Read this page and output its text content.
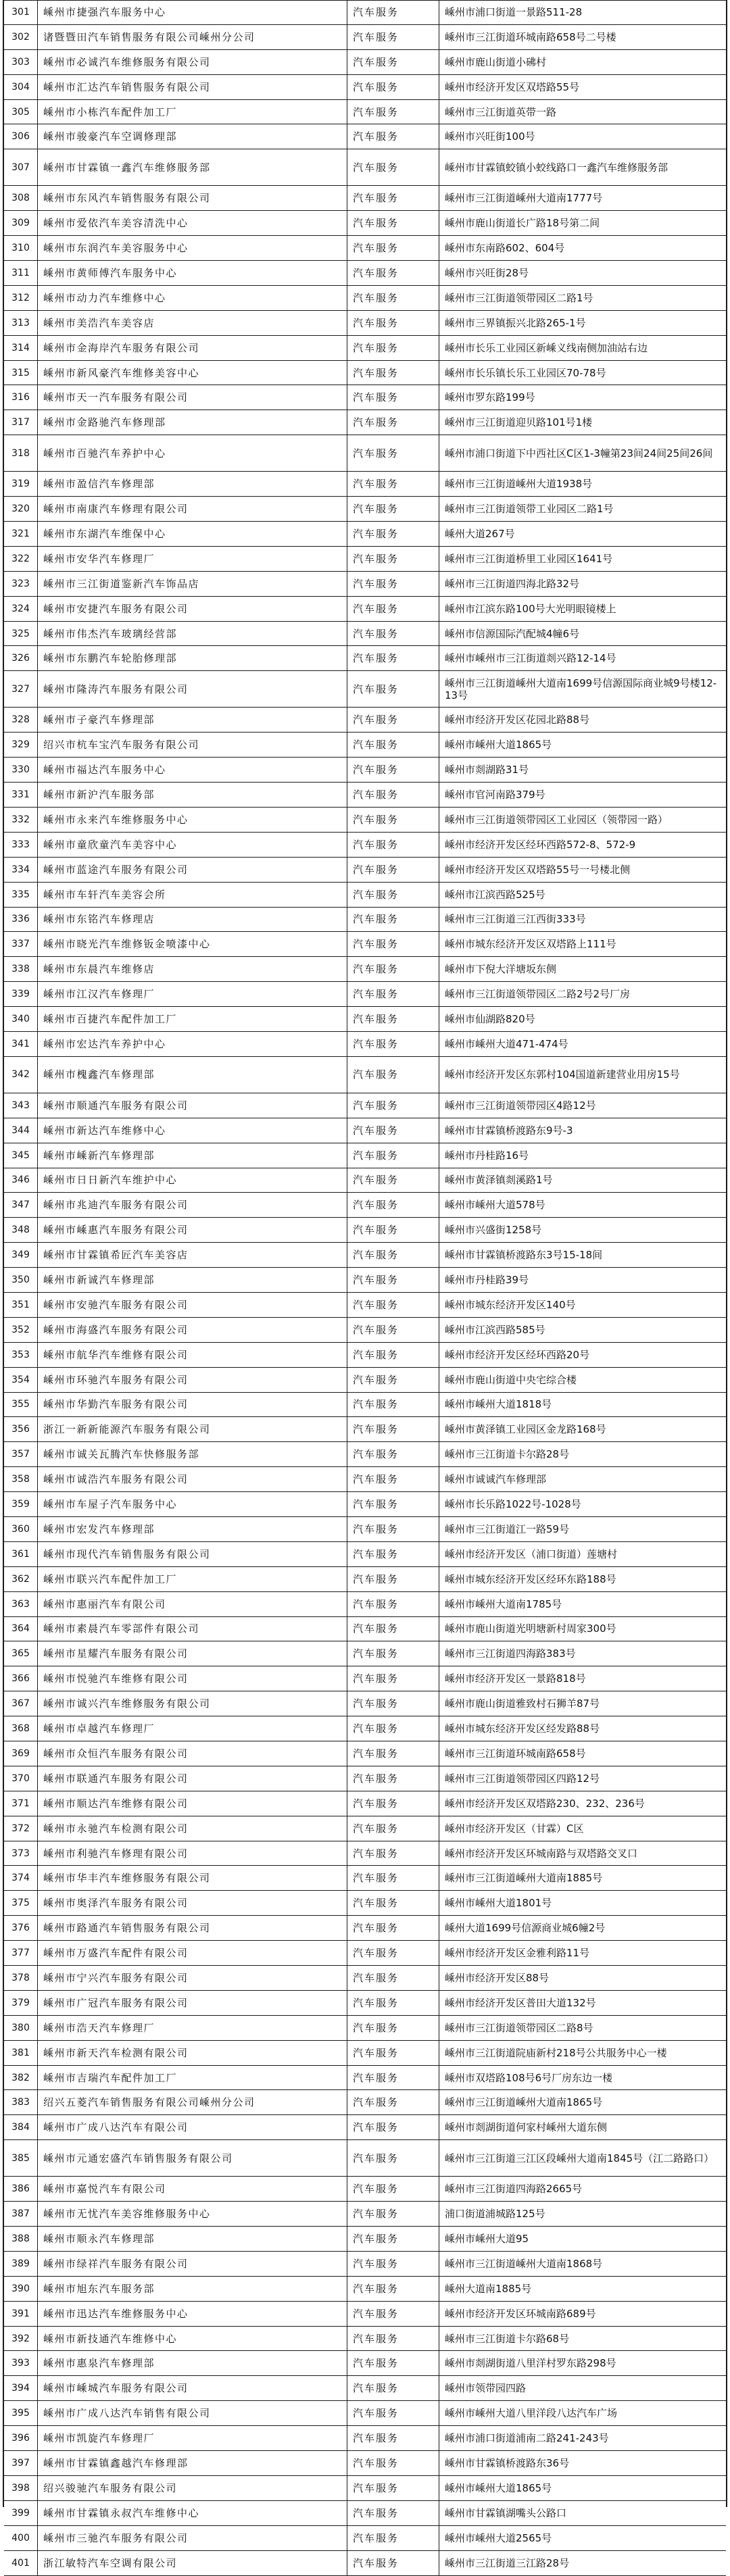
301	嵊州市捷强汽车服务中心	汽车服务	嵊州市浦口街道一景路511-28
302	诸暨暨田汽车销售服务有限公司嵊州分公司	汽车服务	嵊州市三江街道环城南路658号二号楼
303	嵊州市必诚汽车维修服务有限公司	汽车服务	嵊州市鹿山街道小砩村
304	嵊州市汇达汽车销售服务有限公司	汽车服务	嵊州市经济开发区双塔路55号
305	嵊州市小栋汽车配件加工厂	汽车服务	嵊州市三江街道英带一路
306	嵊州市骏豪汽车空调修理部	汽车服务	嵊州市兴旺街100号
307	嵊州市甘霖镇一鑫汽车维修服务部	汽车服务	嵊州市甘霖镇蛟镇小蛟线路口一鑫汽车维修服务部
308	嵊州市东风汽车销售服务有限公司	汽车服务	嵊州市三江街道嵊州大道南1777号
309	嵊州市爱依汽车美容清洗中心	汽车服务	嵊州市鹿山街道长广路18号第二间
310	嵊州市东润汽车美容服务中心	汽车服务	嵊州市东南路602、604号
311	嵊州市黄师傅汽车服务中心	汽车服务	嵊州市兴旺街28号
312	嵊州市动力汽车维修中心	汽车服务	嵊州市三江街道领带园区二路1号
313	嵊州市美浩汽车美容店	汽车服务	嵊州市三界镇振兴北路265-1号
314	嵊州市金海岸汽车服务有限公司	汽车服务	嵊州市长乐工业园区新嵊义线南侧加油站右边
315	嵊州市新风豪汽车维修美容中心	汽车服务	嵊州市长乐镇长乐工业园区70-78号
316	嵊州市天一汽车服务有限公司	汽车服务	嵊州市罗东路199号
317	嵊州市金路驰汽车修理部	汽车服务	嵊州市三江街道迎贝路101号1楼
318	嵊州市百驰汽车养护中心	汽车服务	嵊州市浦口街道下中西社区C区1-3幢第23间24间25间26间
319	嵊州市盈信汽车修理部	汽车服务	嵊州市三江街道嵊州大道1938号
320	嵊州市南康汽车修理有限公司	汽车服务	嵊州市三江街道领带工业园区二路1号
321	嵊州市东湖汽车维保中心	汽车服务	嵊州大道267号
322	嵊州市安华汽车修理厂	汽车服务	嵊州市三江街道桥里工业园区1641号
323	嵊州市三江街道鉴新汽车饰品店	汽车服务	嵊州市三江街道四海北路32号
324	嵊州市安捷汽车服务有限公司	汽车服务	嵊州市江滨东路100号大光明眼镜楼上
325	嵊州市伟杰汽车玻璃经营部	汽车服务	嵊州市信源国际汽配城4幢6号
326	嵊州市东鹏汽车轮胎修理部	汽车服务	嵊州市嵊州市三江街道剡兴路12-14号
327	嵊州市隆涛汽车服务有限公司	汽车服务	嵊州市三江街道嵊州大道南1699号信源国际商业城9号楼12-13号
328	嵊州市子豪汽车修理部	汽车服务	嵊州市经济开发区花园北路88号
329	绍兴市杭车宝汽车服务有限公司	汽车服务	嵊州市嵊州大道1865号
330	嵊州市福达汽车服务中心	汽车服务	嵊州市剡湖路31号
331	嵊州市新沪汽车服务部	汽车服务	嵊州市官河南路379号
332	嵊州市永来汽车维修服务中心	汽车服务	嵊州市三江街道领带园区工业园区（领带园一路）
333	嵊州市童欣童汽车美容中心	汽车服务	嵊州市经济开发区经环西路572-8、572-9
334	嵊州市蓝途汽车服务有限公司	汽车服务	嵊州市经济开发区双塔路55号一号楼北侧
335	嵊州市车轩汽车美容会所	汽车服务	嵊州市江滨西路525号
336	嵊州市东铭汽车修理店	汽车服务	嵊州市三江街道三江西街333号
337	嵊州市晓光汽车维修钣金喷漆中心	汽车服务	嵊州市城东经济开发区双塔路上111号
338	嵊州市东晨汽车维修店	汽车服务	嵊州市下倪大洋塘坂东侧
339	嵊州市江汉汽车修理厂	汽车服务	嵊州市三江街道领带园区二路2号2号厂房
340	嵊州市百捷汽车配件加工厂	汽车服务	嵊州市仙湖路820号
341	嵊州市宏达汽车养护中心	汽车服务	嵊州市嵊州大道471-474号
342	嵊州市槐鑫汽车修理部	汽车服务	嵊州市经济开发区东郭村104国道新建营业用房15号
343	嵊州市顺通汽车服务有限公司	汽车服务	嵊州市三江街道领带园区4路12号
344	嵊州市新达汽车维修中心	汽车服务	嵊州市甘霖镇桥渡路东9号-3
345	嵊州市嵊新汽车修理部	汽车服务	嵊州市丹桂路16号
346	嵊州市日日新汽车维护中心	汽车服务	嵊州市黄泽镇剡溪路1号
347	嵊州市兆迪汽车服务有限公司	汽车服务	嵊州市嵊州大道578号
348	嵊州市嵊惠汽车服务有限公司	汽车服务	嵊州市兴盛街1258号
349	嵊州市甘霖镇希匠汽车美容店	汽车服务	嵊州市甘霖镇桥渡路东3号15-18间
350	嵊州市新诚汽车修理部	汽车服务	嵊州市丹桂路39号
351	嵊州市安驰汽车服务有限公司	汽车服务	嵊州市城东经济开发区140号
352	嵊州市海盛汽车服务有限公司	汽车服务	嵊州市江滨西路585号
353	嵊州市航华汽车维修有限公司	汽车服务	嵊州市经济开发区经环西路20号
354	嵊州市环驰汽车服务有限公司	汽车服务	嵊州市鹿山街道中央宅综合楼
355	嵊州市华勤汽车服务有限公司	汽车服务	嵊州市嵊州大道1818号
356	浙江一新新能源汽车服务有限公司	汽车服务	嵊州市黄泽镇工业园区金龙路168号
357	嵊州市诚关瓦腾汽车快修服务部	汽车服务	嵊州市三江街道卡尔路28号
358	嵊州市诚浩汽车服务有限公司	汽车服务	嵊州市诚诚汽车修理部
359	嵊州市车屋子汽车服务中心	汽车服务	嵊州市长乐路1022号-1028号
360	嵊州市宏发汽车修理部	汽车服务	嵊州市三江街道江一路59号
361	嵊州市现代汽车销售服务有限公司	汽车服务	嵊州市经济开发区（浦口街道）莲塘村
362	嵊州市联兴汽车配件加工厂	汽车服务	嵊州市城东经济开发区经环东路188号
363	嵊州市惠丽汽车有限公司	汽车服务	嵊州市嵊州大道南1785号
364	嵊州市素晨汽车零部件有限公司	汽车服务	嵊州市鹿山街道光明塘新村周家300号
365	嵊州市星耀汽车服务有限公司	汽车服务	嵊州市三江街道四海路383号
366	嵊州市悦驰汽车维修有限公司	汽车服务	嵊州市经济开发区一景路818号
367	嵊州市诚兴汽车维修服务有限公司	汽车服务	嵊州市鹿山街道雅致村石狮羊87号
368	嵊州市卓越汽车修理厂	汽车服务	嵊州市城东经济开发区经发路88号
369	嵊州市众恒汽车服务有限公司	汽车服务	嵊州市三江街道环城南路658号
370	嵊州市联通汽车服务有限公司	汽车服务	嵊州市三江街道领带园区四路12号
371	嵊州市顺达汽车维修有限公司	汽车服务	嵊州市经济开发区双塔路230、232、236号
372	嵊州市永驰汽车检测有限公司	汽车服务	嵊州市经济开发区（甘霖）C区
373	嵊州市利驰汽车修理有限公司	汽车服务	嵊州市经济开发区环城南路与双塔路交叉口
374	嵊州市华丰汽车维修服务有限公司	汽车服务	嵊州市三江街道嵊州大道南1885号
375	嵊州市奥泽汽车服务有限公司	汽车服务	嵊州市嵊州大道1801号
376	嵊州市路通汽车销售服务有限公司	汽车服务	嵊州大道1699号信源商业城6幢2号
377	嵊州市万盛汽车配件有限公司	汽车服务	嵊州市经济开发区金雅利路11号
378	嵊州市宁兴汽车服务有限公司	汽车服务	嵊州市经济开发区88号
379	嵊州市广冠汽车服务有限公司	汽车服务	嵊州市经济开发区普田大道132号
380	嵊州市浩天汽车修理厂	汽车服务	嵊州市三江街道领带园区二路8号
381	嵊州市新天汽车检测有限公司	汽车服务	嵊州市三江街道院庙新村218号公共服务中心一楼
382	嵊州市吉瑞汽车配件加工厂	汽车服务	嵊州市双塔路108号6号厂房东边一楼
383	绍兴五菱汽车销售服务有限公司嵊州分公司	汽车服务	嵊州市三江街道嵊州大道南1865号
384	嵊州市广成八达汽车有限公司	汽车服务	嵊州市剡湖街道何家村嵊州大道东侧
385	嵊州市元通宏盛汽车销售服务有限公司	汽车服务	嵊州市三江街道三江区段嵊州大道南1845号（江二路路口）
386	嵊州市嘉悦汽车有限公司	汽车服务	嵊州市三江街道四海路2665号
387	嵊州市无忧汽车美容维修服务中心	汽车服务	浦口街道浦城路125号
388	嵊州市顺永汽车修理部	汽车服务	嵊州市嵊州大道95
389	嵊州市绿祥汽车服务有限公司	汽车服务	嵊州市三江街道嵊州大道南1868号
390	嵊州市旭东汽车服务部	汽车服务	嵊州大道南1885号
391	嵊州市迅达汽车维修服务中心	汽车服务	嵊州市经济开发区环城南路689号
392	嵊州市新技通汽车维修中心	汽车服务	嵊州市三江街道卡尔路68号
393	嵊州市惠泉汽车修理部	汽车服务	嵊州市剡湖街道八里洋村罗东路298号
394	嵊州市嵊城汽车服务有限公司	汽车服务	嵊州市领带园四路
395	嵊州市广成八达汽车销售有限公司	汽车服务	嵊州市嵊州大道八里洋段八达汽车广场
396	嵊州市凯旋汽车修理厂	汽车服务	嵊州市浦口街道浦南二路241-243号
397	嵊州市甘霖镇鑫越汽车修理部	汽车服务	嵊州市甘霖镇桥渡路东36号
398	绍兴骏驰汽车服务有限公司	汽车服务	嵊州市嵊州大道1865号
399	嵊州市甘霖镇永叔汽车维修中心	汽车服务	嵊州市甘霖镇湖嘴头公路口
400	嵊州市三驰汽车服务有限公司	汽车服务	嵊州市嵊州大道2565号
401	浙江敏特汽车空调有限公司	汽车服务	嵊州市三江街道三江路28号
